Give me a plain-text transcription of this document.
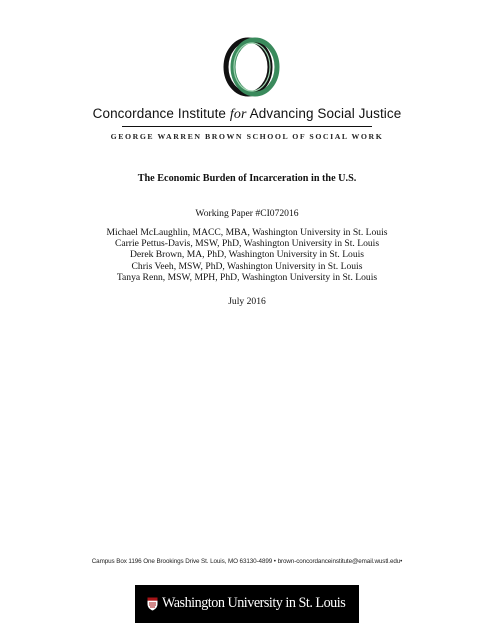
Concordance Institute for Advancing Social Justice
GEORGE WARREN BROWN SCHOOL OF SOCIAL WORK
The Economic Burden of Incarceration in the U.S.
Working Paper #CI072016
Michael McLaughlin, MACC, MBA, Washington University in St. Louis
Carrie Pettus-Davis, MSW, PhD, Washington University in St. Louis
Derek Brown, MA, PhD, Washington University in St. Louis
Chris Veeh, MSW, PhD, Washington University in St. Louis
Tanya Renn, MSW, MPH, PhD, Washington University in St. Louis
July 2016
Campus Box 1196 One Brookings Drive St. Louis, MO 63130-4899 • brown-concordanceinstitute@email.wustl.edu•
Washington University in St. Louis
